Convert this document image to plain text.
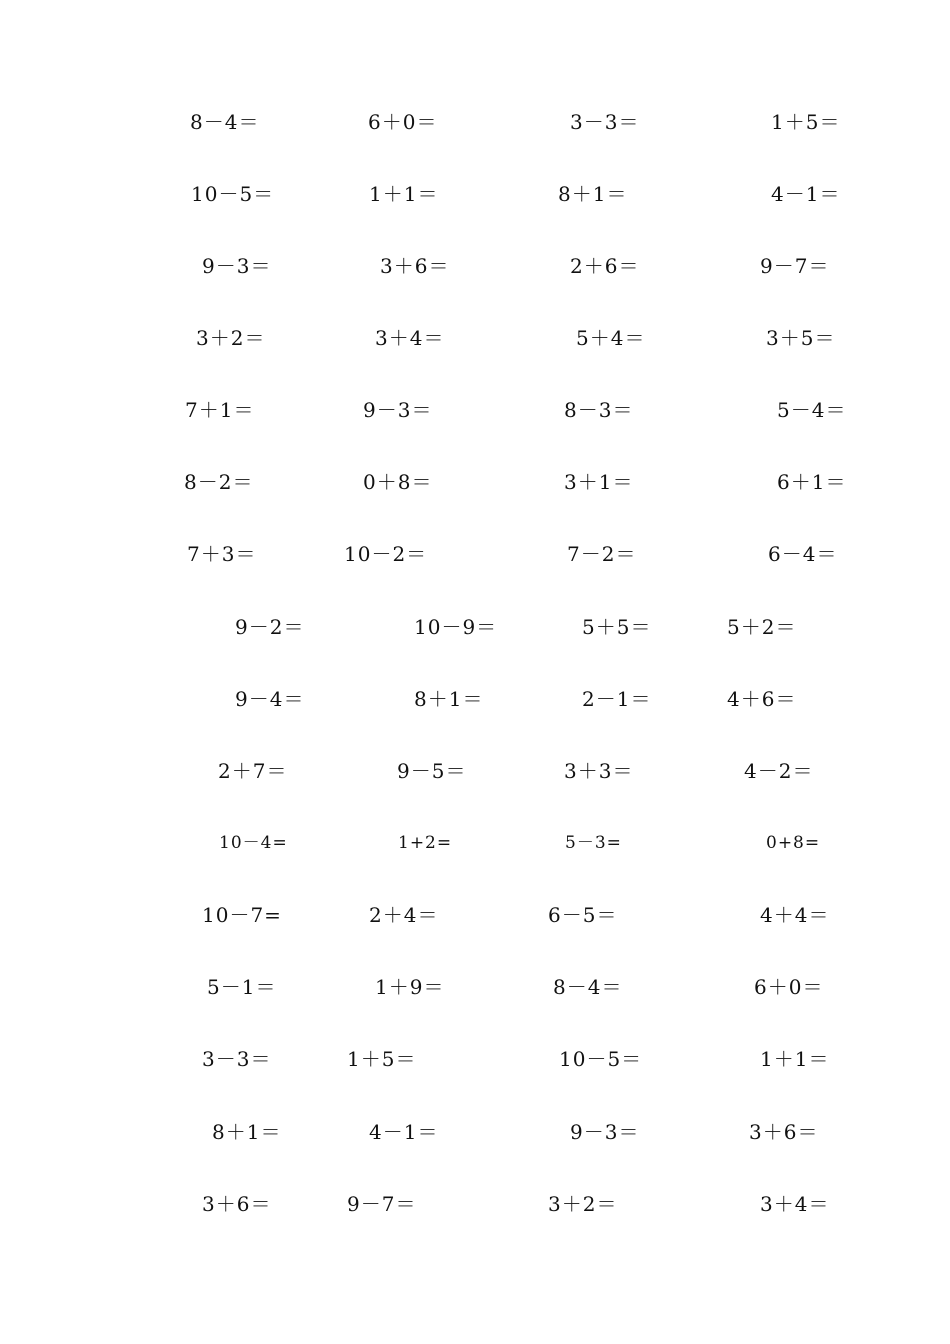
8－4＝	6＋0＝	3－3＝	1＋5＝
10－5＝	1＋1＝	8＋1＝	4－1＝
9－3＝	3＋6＝	2＋6＝	9－7＝
3＋2＝	3＋4＝	5＋4＝	3＋5＝
7＋1＝	9－3＝	8－3＝	5－4＝
8－2＝	0＋8＝	3＋1＝	6＋1＝
7＋3＝	10－2＝	7－2＝	6－4＝
9－2＝	10－9＝	5＋5＝	5＋2＝
9－4＝	8＋1＝	2－1＝	4＋6＝
2＋7＝	9－5＝	3＋3＝	4－2＝
10－4=	1+2=	5－3=	0+8=
10－7=	2＋4＝	6－5＝	4＋4＝
5－1＝	1＋9＝	8－4＝	6＋0＝
3－3＝	1＋5＝	10－5＝	1＋1＝
8＋1＝	4－1＝	9－3＝	3＋6＝
3＋6＝	9－7＝	3＋2＝	3＋4＝
